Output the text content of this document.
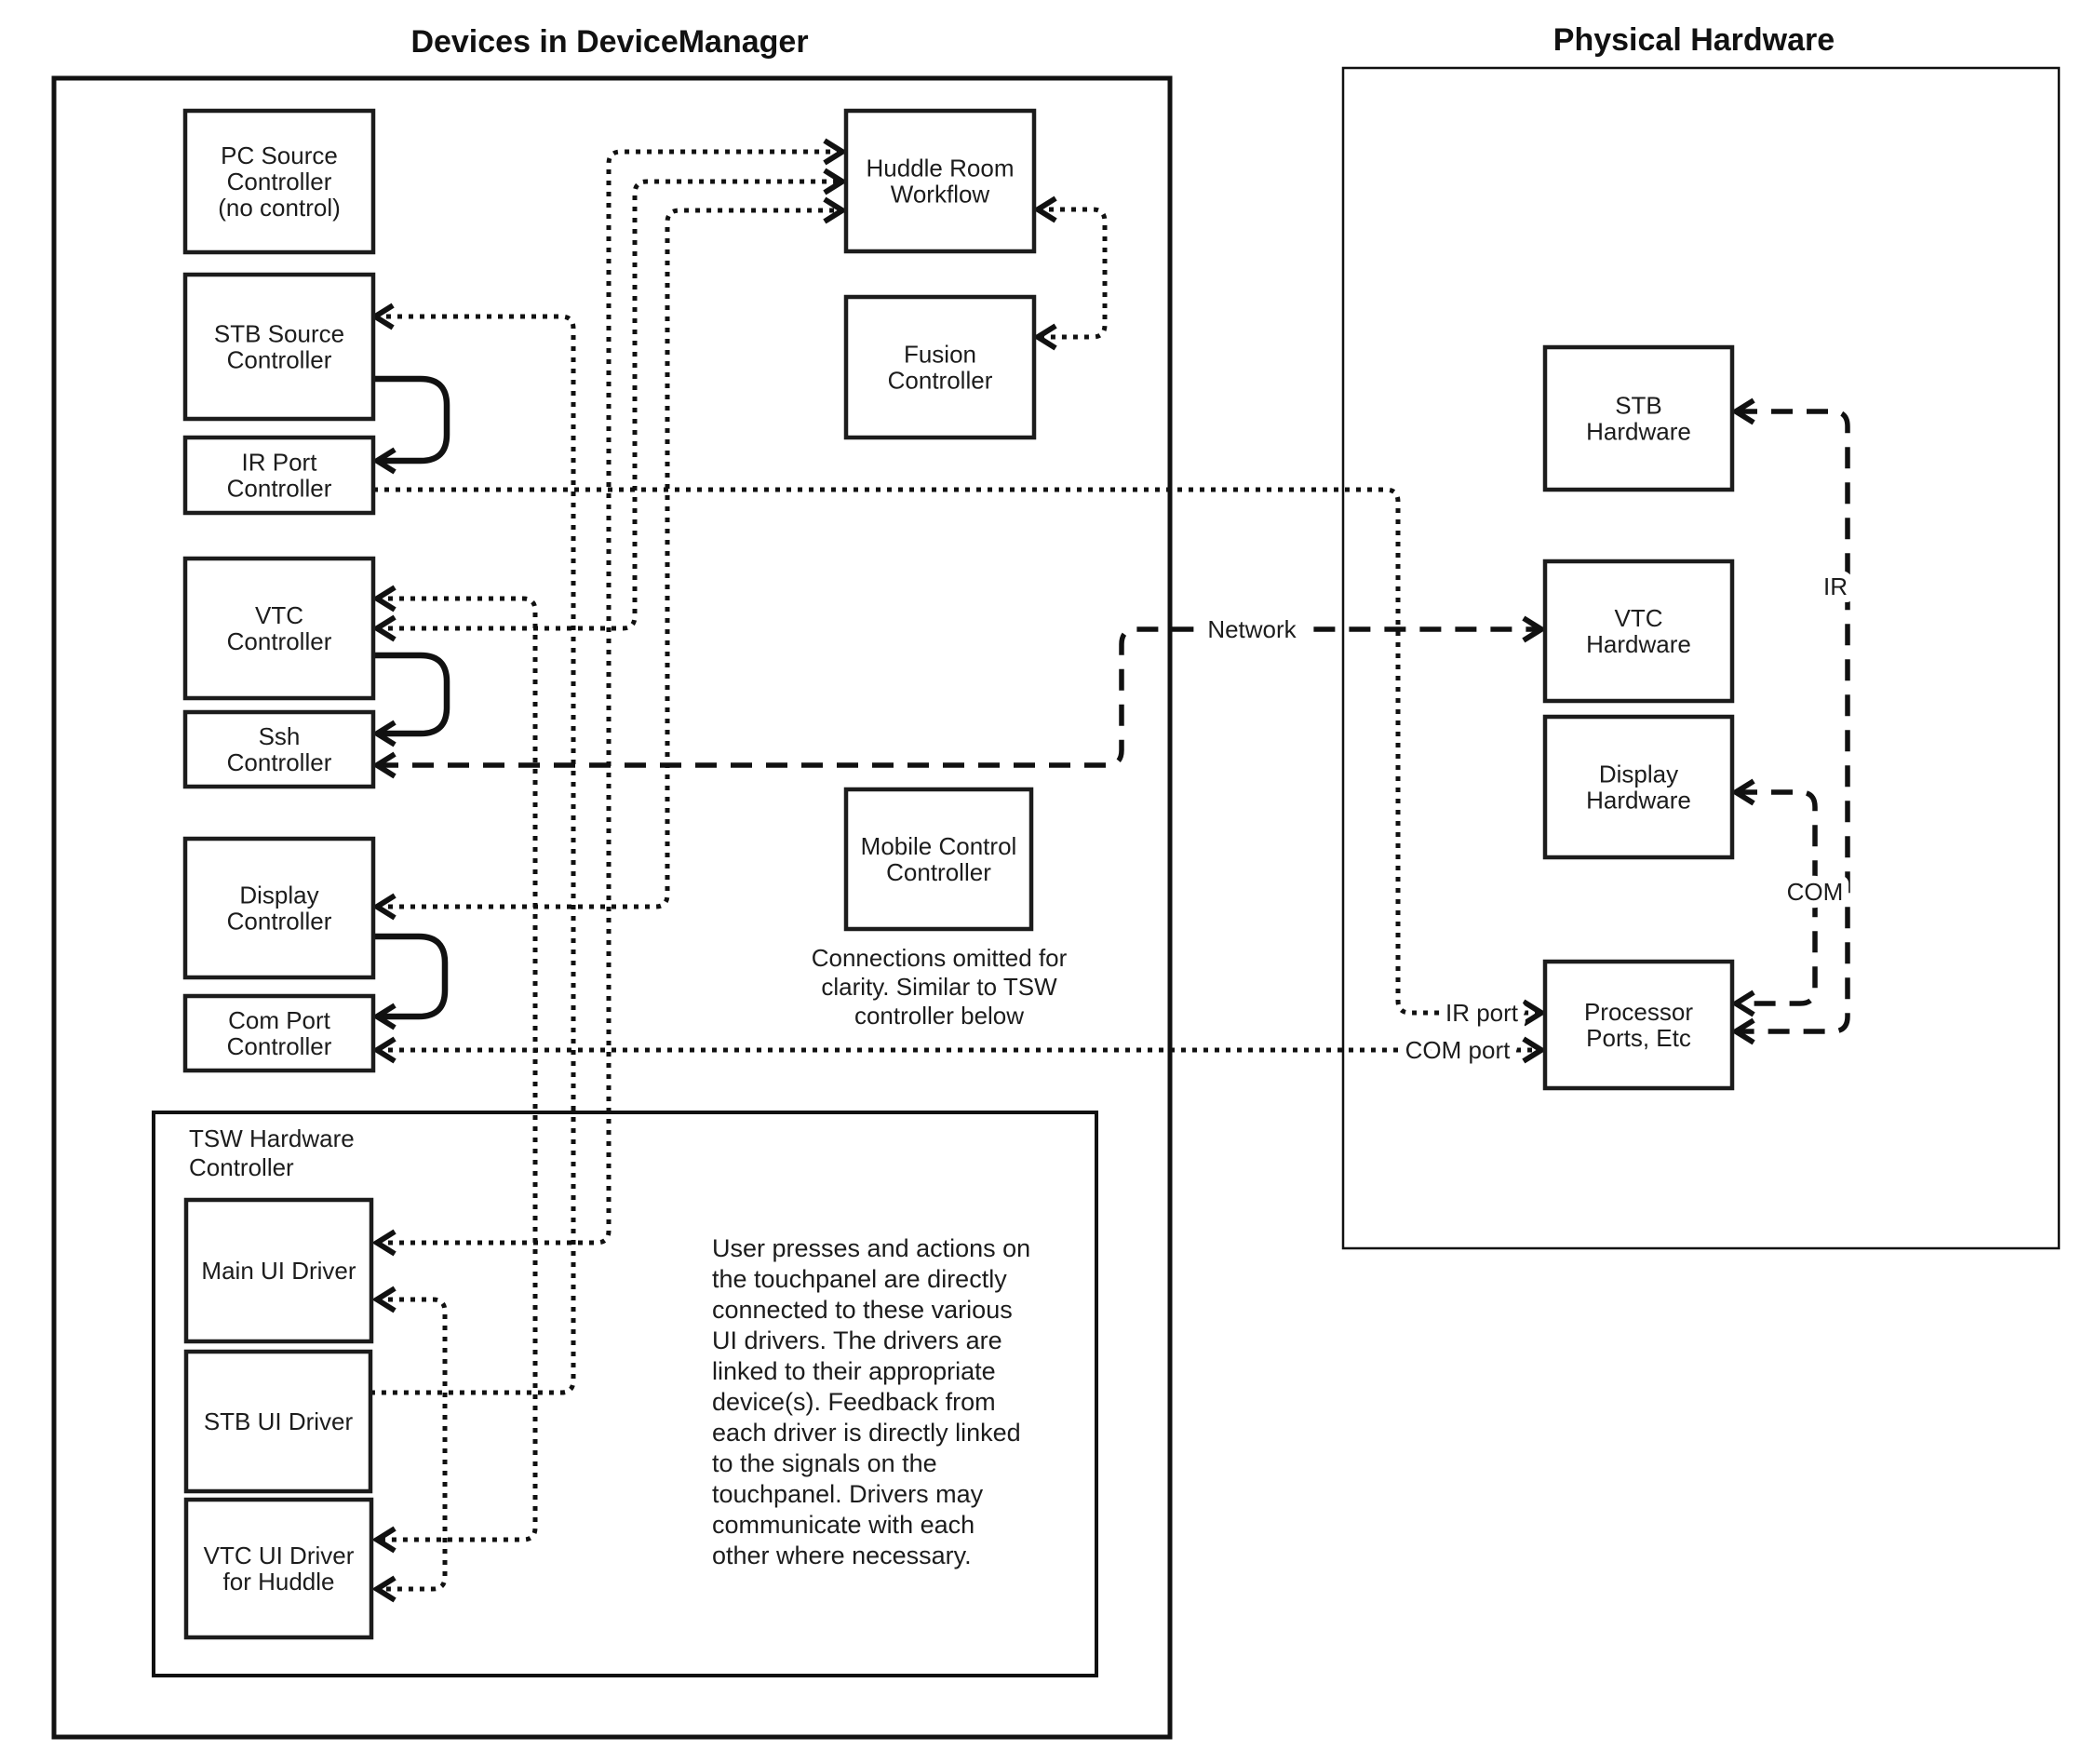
Devices in DeviceManager	Physical Hardware
PC Source Controller (no control)
STB Source Controller
IR Port Controller
VTC Controller
Ssh Controller
Display Controller
Com Port Controller
Huddle Room Workflow
Fusion Controller
Mobile Control Controller
Main UI Driver
STB UI Driver
VTC UI Driver for Huddle
STB Hardware
VTC Hardware
Display Hardware
Processor Ports, Etc
TSW Hardware Controller
Network
IR
COM
IR port
COM port
Connections omitted for clarity. Similar to TSW controller below
User presses and actions on the touchpanel are directly connected to these various UI drivers. The drivers are linked to their appropriate device(s). Feedback from each driver is directly linked to the signals on the touchpanel. Drivers may communicate with each other where necessary.
